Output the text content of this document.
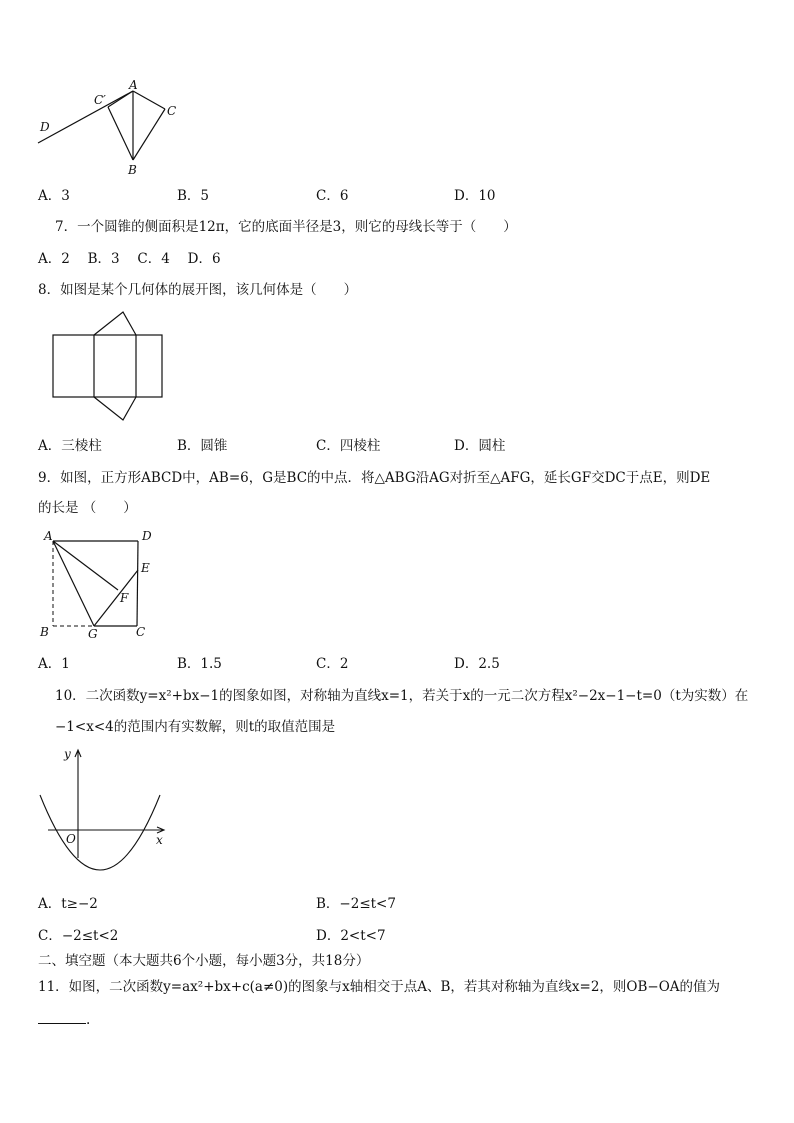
A
C′
C
D
B
A．3	B．5	C．6	D．10
7．一个圆锥的侧面积是12π，它的底面半径是3，则它的母线长等于（　　）
A．2　 B．3　 C．4　 D．6
8．如图是某个几何体的展开图，该几何体是（　　）
A．三棱柱	B．圆锥	C．四棱柱	D．圆柱
9．如图，正方形ABCD中，AB=6，G是BC的中点．将△ABG沿AG对折至△AFG，延长GF交DC于点E，则DE
的长是 （　　）
A	D
E
F
B	G	C
A．1	B．1.5	C．2	D．2.5
10．二次函数y=x²+bx−1的图象如图，对称轴为直线x=1，若关于x的一元二次方程x²−2x−1−t=0（t为实数）在
−1<x<4的范围内有实数解，则t的取值范围是
y
O	x
A．t≥−2	B．−2≤t<7
C．−2≤t<2	D．2<t<7
二、填空题（本大题共6个小题，每小题3分，共18分）
11．如图，二次函数y=ax²+bx+c(a≠0)的图象与x轴相交于点A、B，若其对称轴为直线x=2，则OB−OA的值为
.
